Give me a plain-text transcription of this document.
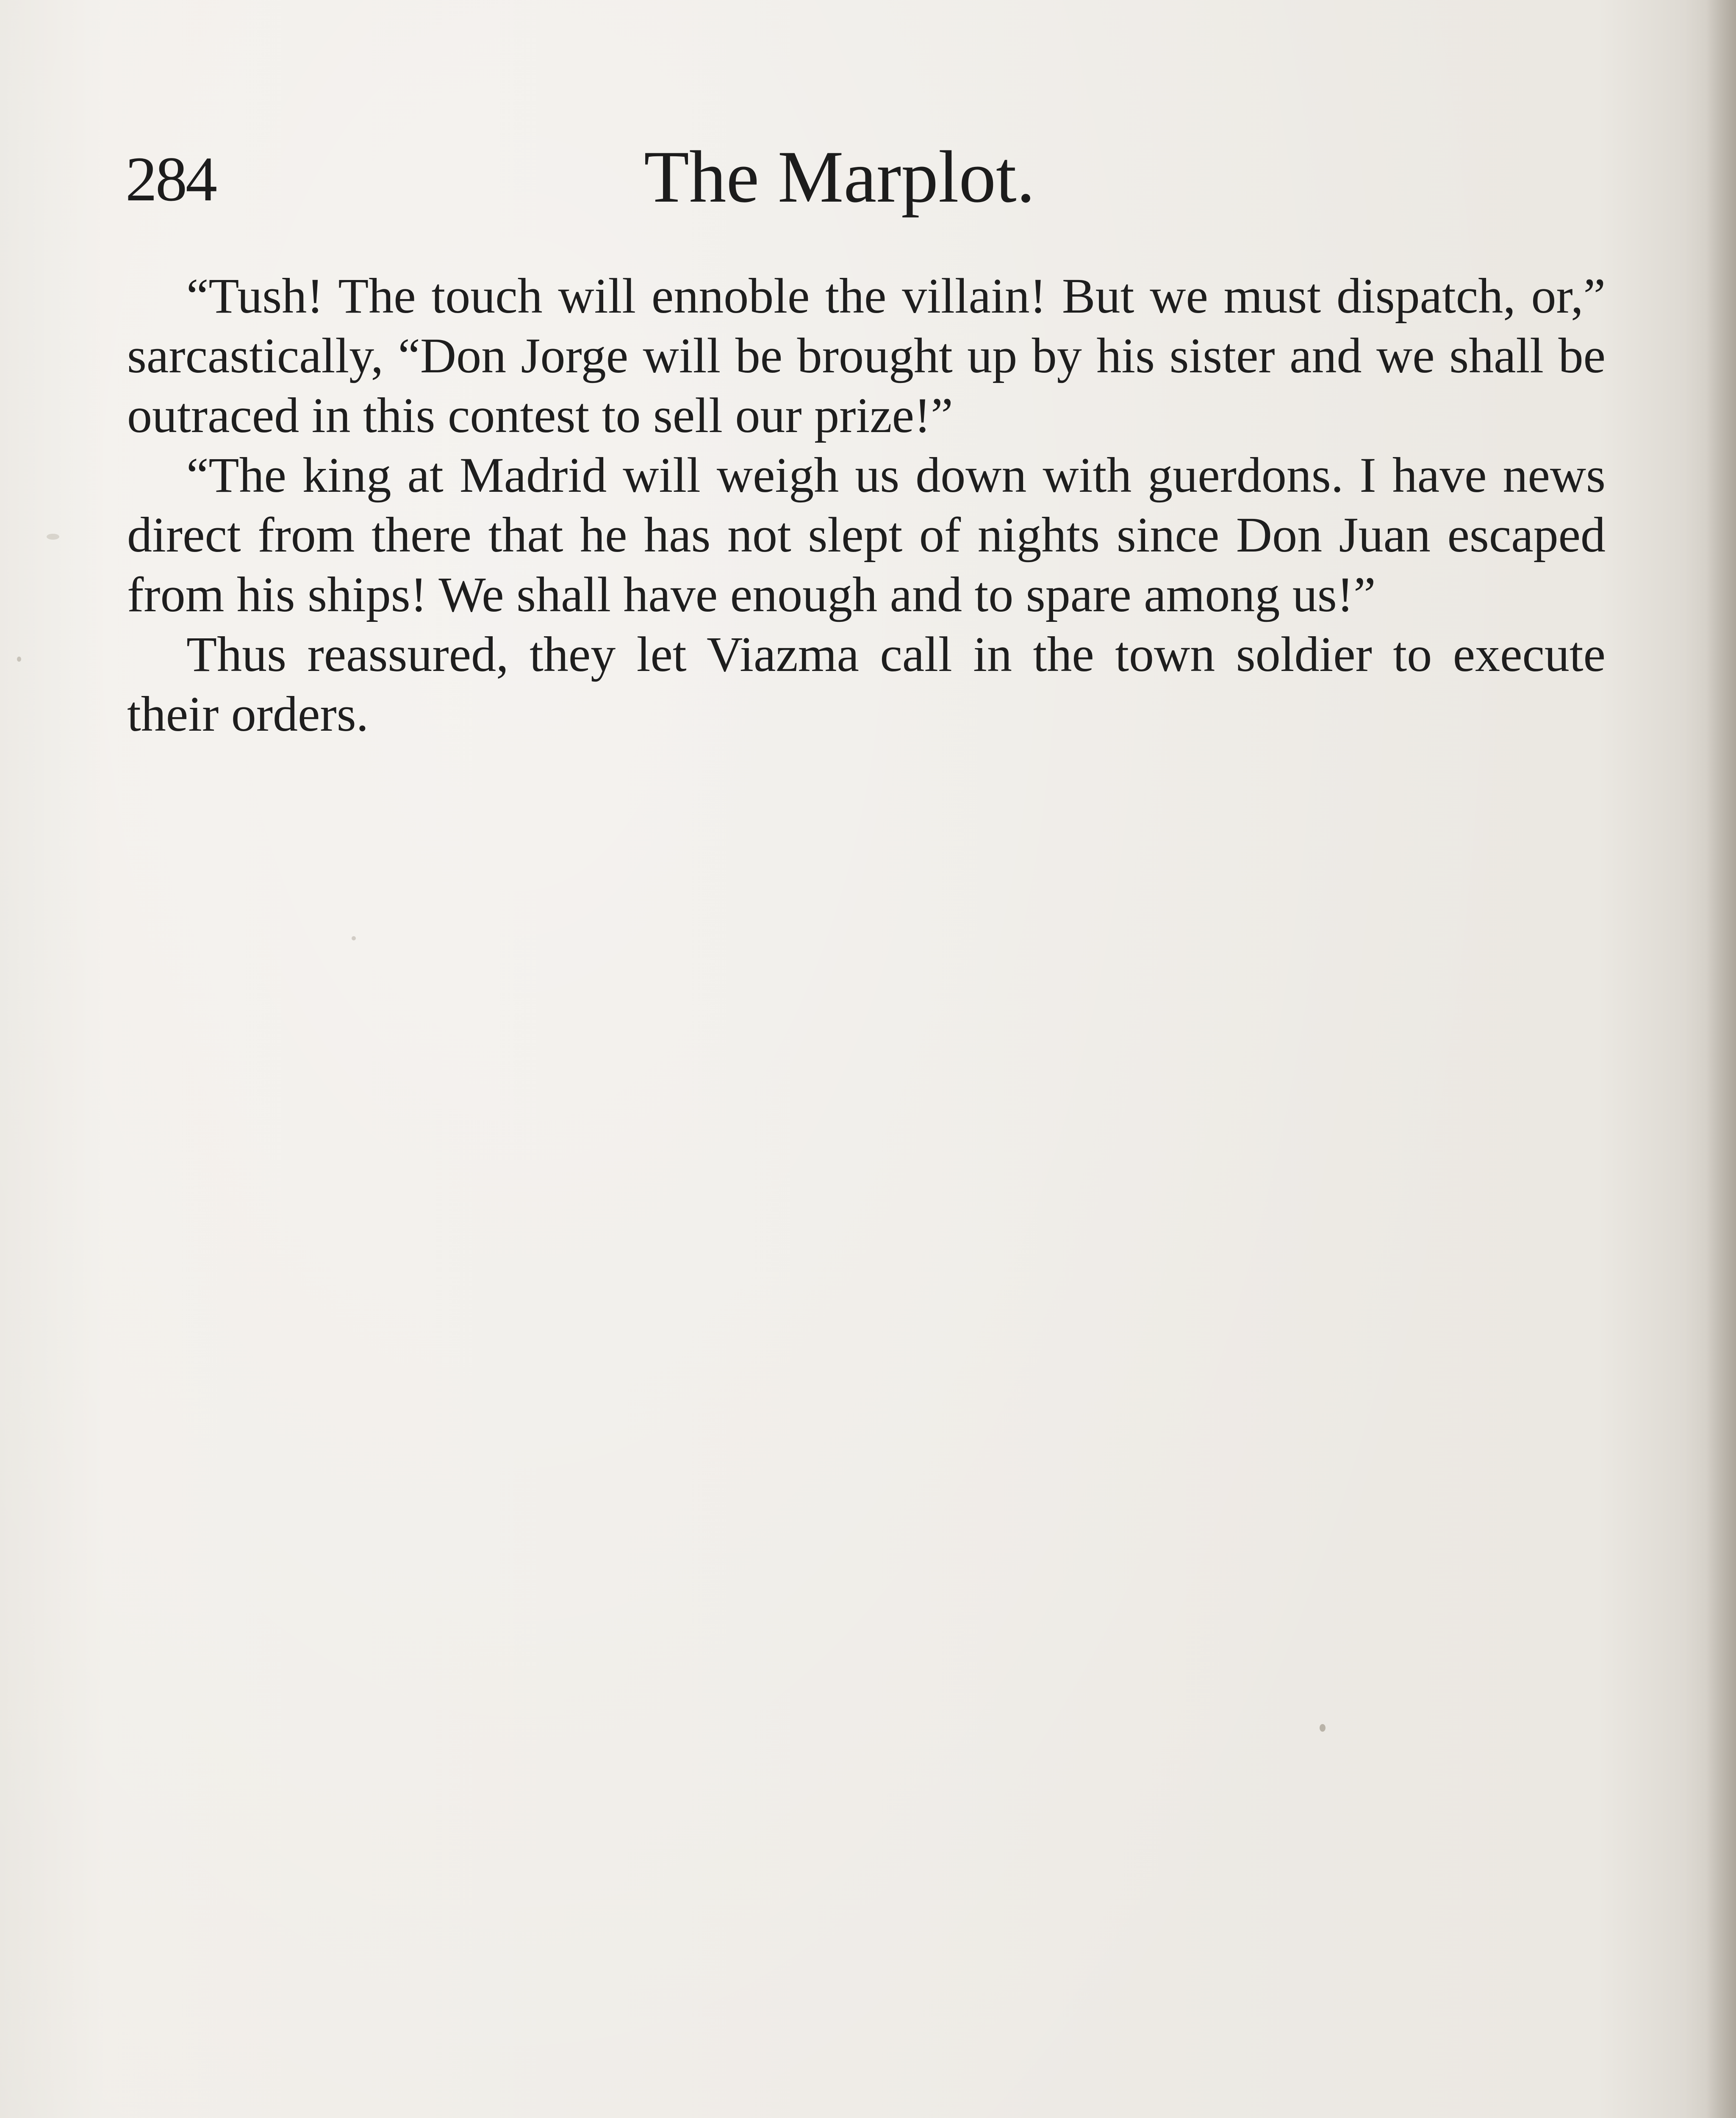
284	The Marplot.

“Tush! The touch will ennoble the villain! But we must dispatch, or,” sarcastically, “Don Jorge will be brought up by his sister and we shall be outraced in this contest to sell our prize!”

“The king at Madrid will weigh us down with guerdons. I have news direct from there that he has not slept of nights since Don Juan escaped from his ships! We shall have enough and to spare among us!”

Thus reassured, they let Viazma call in the town soldier to execute their orders.
